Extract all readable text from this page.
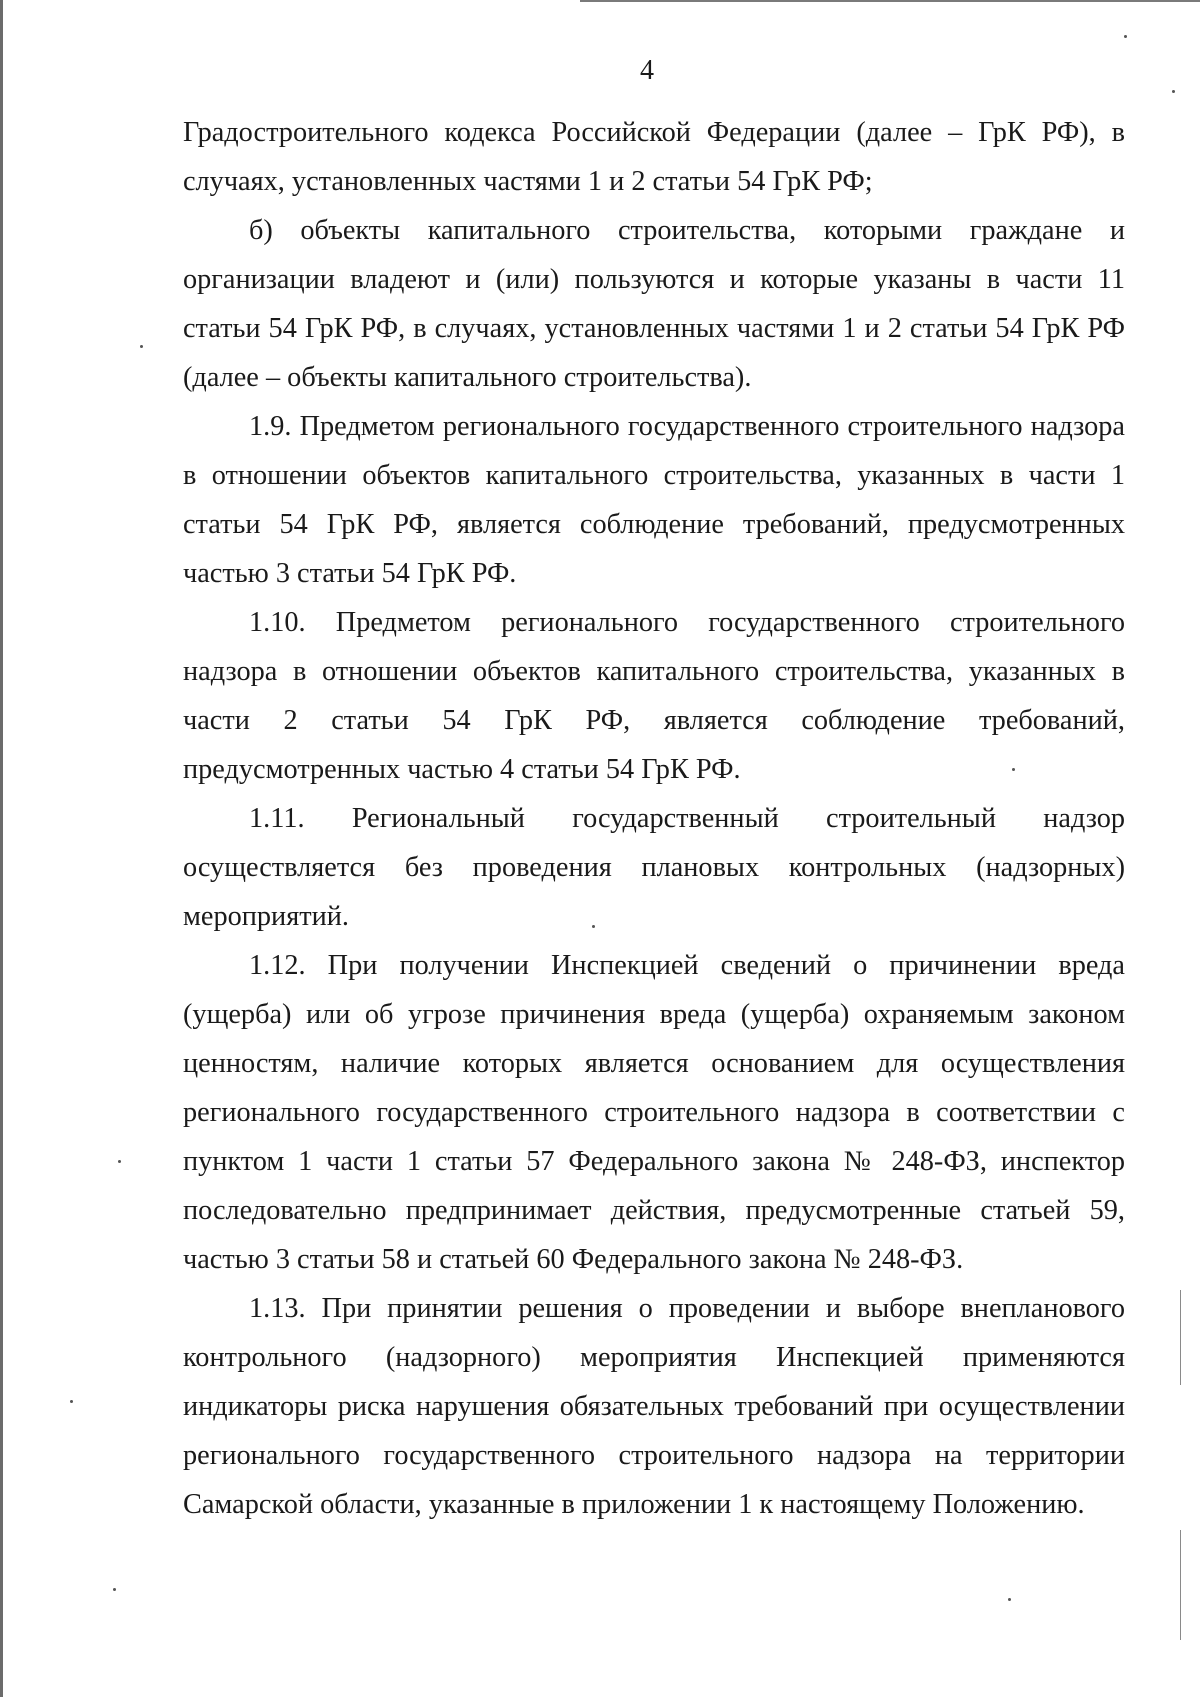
4

Градостроительного кодекса Российской Федерации (далее – ГрК РФ), в случаях, установленных частями 1 и 2 статьи 54 ГрК РФ;

б) объекты капитального строительства, которыми граждане и организации владеют и (или) пользуются и которые указаны в части 11 статьи 54 ГрК РФ, в случаях, установленных частями 1 и 2 статьи 54 ГрК РФ (далее – объекты капитального строительства).

1.9. Предметом регионального государственного строительного надзора в отношении объектов капитального строительства, указанных в части 1 статьи 54 ГрК РФ, является соблюдение требований, предусмотренных частью 3 статьи 54 ГрК РФ.

1.10. Предметом регионального государственного строительного надзора в отношении объектов капитального строительства, указанных в части 2 статьи 54 ГрК РФ, является соблюдение требований, предусмотренных частью 4 статьи 54 ГрК РФ.

1.11. Региональный государственный строительный надзор осуществляется без проведения плановых контрольных (надзорных) мероприятий.

1.12. При получении Инспекцией сведений о причинении вреда (ущерба) или об угрозе причинения вреда (ущерба) охраняемым законом ценностям, наличие которых является основанием для осуществления регионального государственного строительного надзора в соответствии с пунктом 1 части 1 статьи 57 Федерального закона № 248-ФЗ, инспектор последовательно предпринимает действия, предусмотренные статьей 59, частью 3 статьи 58 и статьей 60 Федерального закона № 248-ФЗ.

1.13. При принятии решения о проведении и выборе внепланового контрольного (надзорного) мероприятия Инспекцией применяются индикаторы риска нарушения обязательных требований при осуществлении регионального государственного строительного надзора на территории Самарской области, указанные в приложении 1 к настоящему Положению.
